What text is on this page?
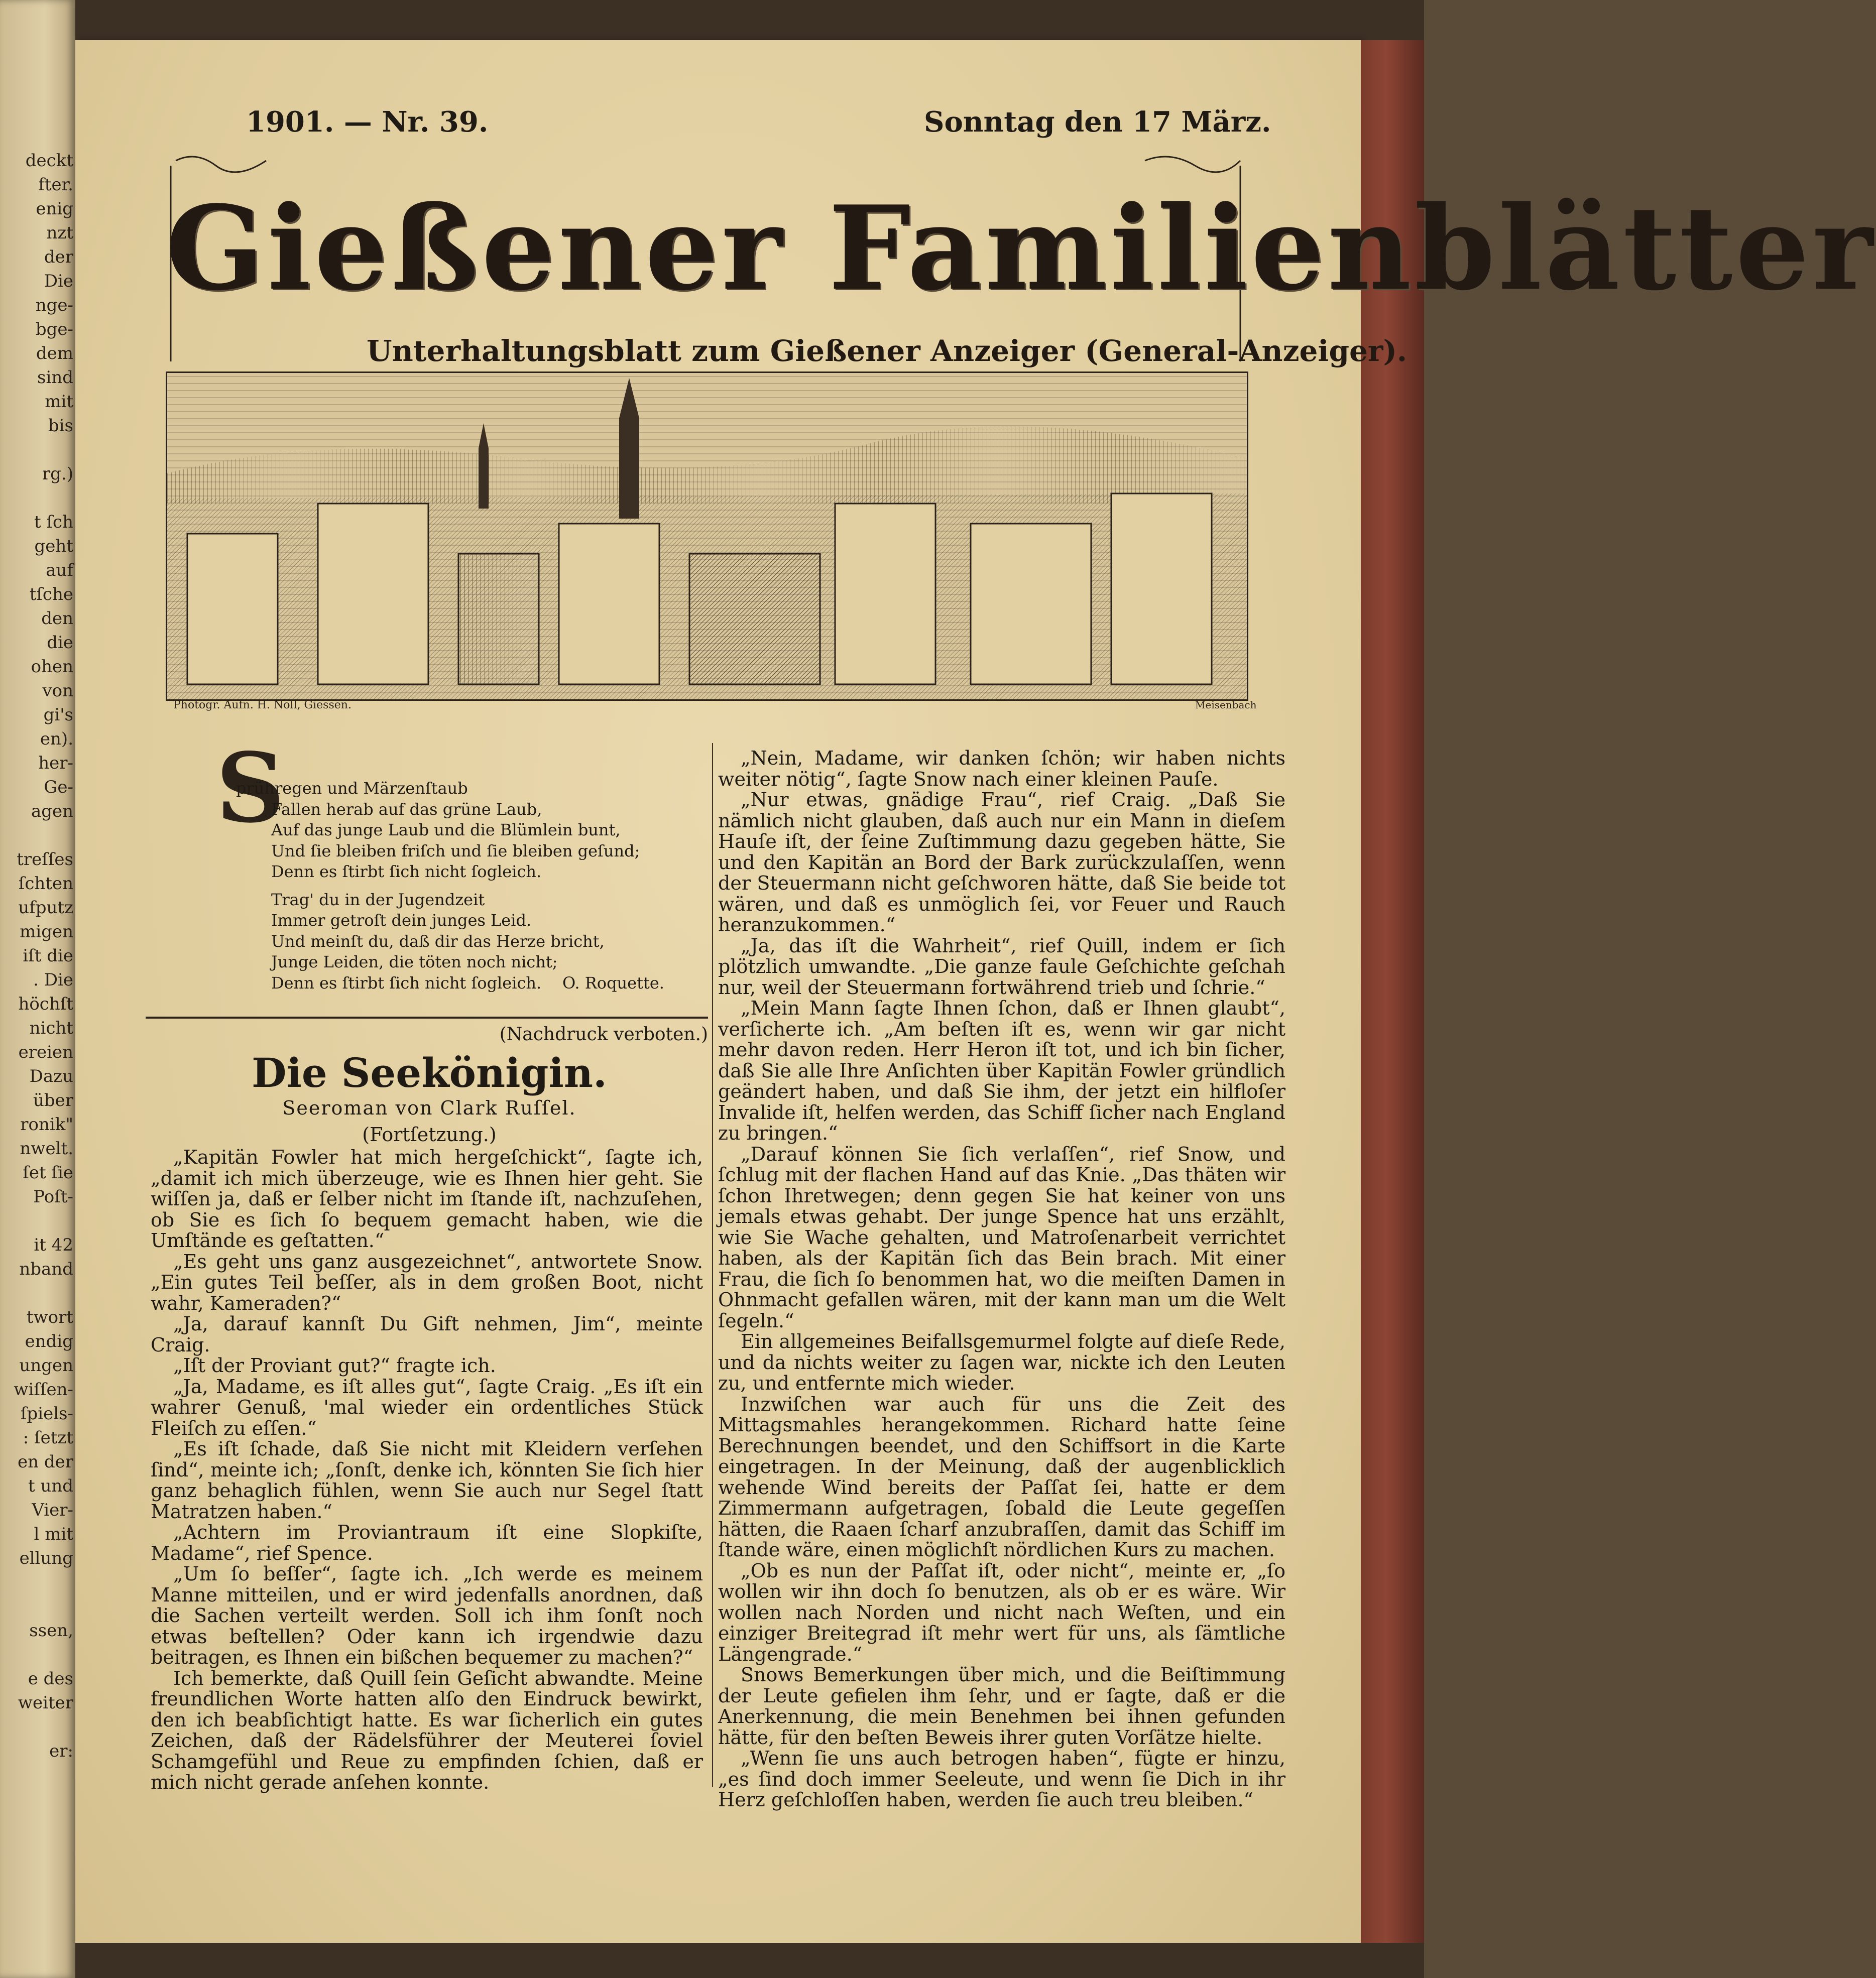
deckt
fter.
enig
nzt
der
Die
nge-
bge-
dem
sind
mit
bis
rg.)
t ſch
geht
auf
tſche
den
die
ohen
von
gi's
en).
her-
Ge-
agen
treſſes
ſchten
ufputz
migen
iſt die
. Die
höchſt
nicht
ereien
Dazu
über
ronik"
nwelt.
ſet ſie
Poſt-
it 42
nband
twort
endig
ungen
wiſſen-
ſpiels-
: ſetzt
en der
t und
Vier-
l mit
ellung
ssen,
e des
weiter
er:
1901. — Nr. 39.	Sonntag den 17 März.
Gießener Familienblätter
Unterhaltungsblatt zum Gießener Anzeiger (General-Anzeiger).
Photogr. Aufn. H. Noll, Giessen.	Meisenbach
S
prühregen und Märzenſtaub
Fallen herab auf das grüne Laub,
Auf das junge Laub und die Blümlein bunt,
Und ſie bleiben friſch und ſie bleiben geſund;
Denn es ſtirbt ſich nicht ſogleich.
Trag' du in der Jugendzeit
Immer getroſt dein junges Leid.
Und meinſt du, daß dir das Herze bricht,
Junge Leiden, die töten noch nicht;
Denn es ſtirbt ſich nicht ſogleich. O. Roquette.
(Nachdruck verboten.)
Die Seekönigin.
Seeroman von Clark Ruſſel.
(Fortſetzung.)

„Kapitän Fowler hat mich hergeſchickt“, ſagte ich, „damit ich mich überzeuge, wie es Ihnen hier geht. Sie wiſſen ja, daß er ſelber nicht im ſtande iſt, nachzuſehen, ob Sie es ſich ſo bequem gemacht haben, wie die Umſtände es geſtatten.“

„Es geht uns ganz ausgezeichnet“, antwortete Snow. „Ein gutes Teil beſſer, als in dem großen Boot, nicht wahr, Kameraden?“

„Ja, darauf kannſt Du Gift nehmen, Jim“, meinte Craig.

„Iſt der Proviant gut?“ fragte ich.

„Ja, Madame, es iſt alles gut“, ſagte Craig. „Es iſt ein wahrer Genuß, 'mal wieder ein ordentliches Stück Fleiſch zu eſſen.“

„Es iſt ſchade, daß Sie nicht mit Kleidern verſehen ſind“, meinte ich; „ſonſt, denke ich, könnten Sie ſich hier ganz behaglich fühlen, wenn Sie auch nur Segel ſtatt Matratzen haben.“

„Achtern im Proviantraum iſt eine Slopkiſte, Madame“, rief Spence.

„Um ſo beſſer“, ſagte ich. „Ich werde es meinem Manne mitteilen, und er wird jedenfalls anordnen, daß die Sachen verteilt werden. Soll ich ihm ſonſt noch etwas beſtellen? Oder kann ich irgendwie dazu beitragen, es Ihnen ein bißchen bequemer zu machen?“

Ich bemerkte, daß Quill ſein Geſicht abwandte. Meine freundlichen Worte hatten alſo den Eindruck bewirkt, den ich beabſichtigt hatte. Es war ſicherlich ein gutes Zeichen, daß der Rädelsführer der Meuterei ſoviel Schamgefühl und Reue zu empfinden ſchien, daß er mich nicht gerade anſehen konnte.

„Nein, Madame, wir danken ſchön; wir haben nichts weiter nötig“, ſagte Snow nach einer kleinen Pauſe.

„Nur etwas, gnädige Frau“, rief Craig. „Daß Sie nämlich nicht glauben, daß auch nur ein Mann in dieſem Hauſe iſt, der ſeine Zuſtimmung dazu gegeben hätte, Sie und den Kapitän an Bord der Bark zurückzulaſſen, wenn der Steuermann nicht geſchworen hätte, daß Sie beide tot wären, und daß es unmöglich ſei, vor Feuer und Rauch heranzukommen.“

„Ja, das iſt die Wahrheit“, rief Quill, indem er ſich plötzlich umwandte. „Die ganze faule Geſchichte geſchah nur, weil der Steuermann fortwährend trieb und ſchrie.“

„Mein Mann ſagte Ihnen ſchon, daß er Ihnen glaubt“, verſicherte ich. „Am beſten iſt es, wenn wir gar nicht mehr davon reden. Herr Heron iſt tot, und ich bin ſicher, daß Sie alle Ihre Anſichten über Kapitän Fowler gründlich geändert haben, und daß Sie ihm, der jetzt ein hilfloſer Invalide iſt, helfen werden, das Schiff ſicher nach England zu bringen.“

„Darauf können Sie ſich verlaſſen“, rief Snow, und ſchlug mit der flachen Hand auf das Knie. „Das thäten wir ſchon Ihretwegen; denn gegen Sie hat keiner von uns jemals etwas gehabt. Der junge Spence hat uns erzählt, wie Sie Wache gehalten, und Matroſenarbeit verrichtet haben, als der Kapitän ſich das Bein brach. Mit einer Frau, die ſich ſo benommen hat, wo die meiſten Damen in Ohnmacht gefallen wären, mit der kann man um die Welt ſegeln.“

Ein allgemeines Beifallsgemurmel folgte auf dieſe Rede, und da nichts weiter zu ſagen war, nickte ich den Leuten zu, und entfernte mich wieder.

Inzwiſchen war auch für uns die Zeit des Mittagsmahles herangekommen. Richard hatte ſeine Berechnungen beendet, und den Schiffsort in die Karte eingetragen. In der Meinung, daß der augenblicklich wehende Wind bereits der Paſſat ſei, hatte er dem Zimmermann aufgetragen, ſobald die Leute gegeſſen hätten, die Raaen ſcharf anzubraſſen, damit das Schiff im ſtande wäre, einen möglichſt nördlichen Kurs zu machen.

„Ob es nun der Paſſat iſt, oder nicht“, meinte er, „ſo wollen wir ihn doch ſo benutzen, als ob er es wäre. Wir wollen nach Norden und nicht nach Weſten, und ein einziger Breitegrad iſt mehr wert für uns, als ſämtliche Längengrade.“

Snows Bemerkungen über mich, und die Beiſtimmung der Leute gefielen ihm ſehr, und er ſagte, daß er die Anerkennung, die mein Benehmen bei ihnen gefunden hätte, für den beſten Beweis ihrer guten Vorſätze hielte.

„Wenn ſie uns auch betrogen haben“, fügte er hinzu, „es ſind doch immer Seeleute, und wenn ſie Dich in ihr Herz geſchloſſen haben, werden ſie auch treu bleiben.“
